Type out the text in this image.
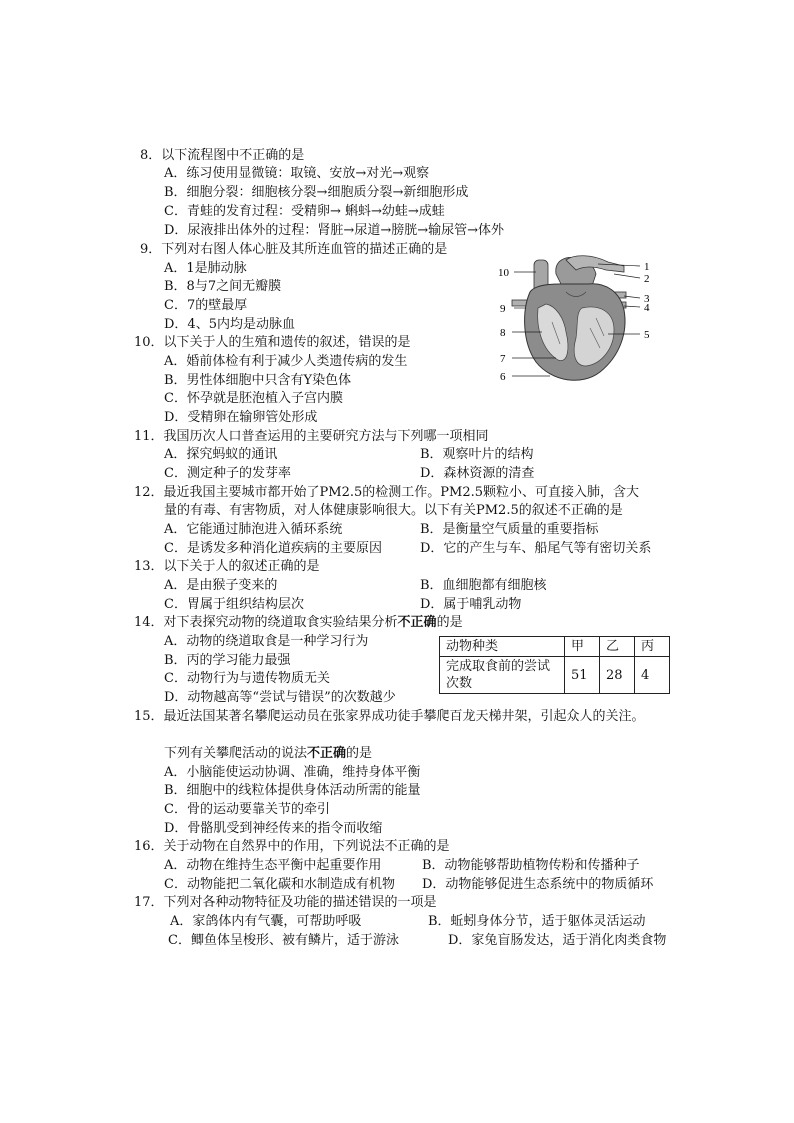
8．以下流程图中不正确的是
A．练习使用显微镜：取镜、安放→对光→观察
B．细胞分裂：细胞核分裂→细胞质分裂→新细胞形成
C．青蛙的发育过程：受精卵→ 蝌蚪→幼蛙→成蛙
D．尿液排出体外的过程：肾脏→尿道→膀胱→输尿管→体外
9．下列对右图人体心脏及其所连血管的描述正确的是
A．1是肺动脉
B．8与7之间无瓣膜
C．7的壁最厚
D．4、5内均是动脉血
1
2
3
4
5
6
7
8
9
10
10．以下关于人的生殖和遗传的叙述，错误的是
A．婚前体检有利于减少人类遗传病的发生
B．男性体细胞中只含有Y染色体
C．怀孕就是胚泡植入子宫内膜
D．受精卵在输卵管处形成
11．我国历次人口普查运用的主要研究方法与下列哪一项相同
A．探究蚂蚁的通讯	B．观察叶片的结构
C．测定种子的发芽率	D．森林资源的清查
12．最近我国主要城市都开始了PM2.5的检测工作。PM2.5颗粒小、可直接入肺，含大
量的有毒、有害物质，对人体健康影响很大。以下有关PM2.5的叙述不正确的是
A．它能通过肺泡进入循环系统	B．是衡量空气质量的重要指标
C．是诱发多种消化道疾病的主要原因	D．它的产生与车、船尾气等有密切关系
13．以下关于人的叙述正确的是
A．是由猴子变来的	B．血细胞都有细胞核
C．胃属于组织结构层次	D．属于哺乳动物
14．对下表探究动物的绕道取食实验结果分析不正确的是
A．动物的绕道取食是一种学习行为
B．丙的学习能力最强
C．动物行为与遗传物质无关
D．动物越高等“尝试与错误”的次数越少
动物种类	甲	乙	丙
完成取食前的尝试
次数	51	28	4
15．最近法国某著名攀爬运动员在张家界成功徒手攀爬百龙天梯井架，引起众人的关注。
下列有关攀爬活动的说法不正确的是
A．小脑能使运动协调、准确，维持身体平衡
B．细胞中的线粒体提供身体活动所需的能量
C．骨的运动要靠关节的牵引
D．骨骼肌受到神经传来的指令而收缩
16．关于动物在自然界中的作用，下列说法不正确的是
A．动物在维持生态平衡中起重要作用	B．动物能够帮助植物传粉和传播种子
C．动物能把二氧化碳和水制造成有机物 D．动物能够促进生态系统中的物质循环
17．下列对各种动物特征及功能的描述错误的一项是
A．家鸽体内有气囊，可帮助呼吸	B．蚯蚓身体分节，适于躯体灵活运动
C．鲫鱼体呈梭形、被有鳞片，适于游泳	D．家兔盲肠发达，适于消化肉类食物
